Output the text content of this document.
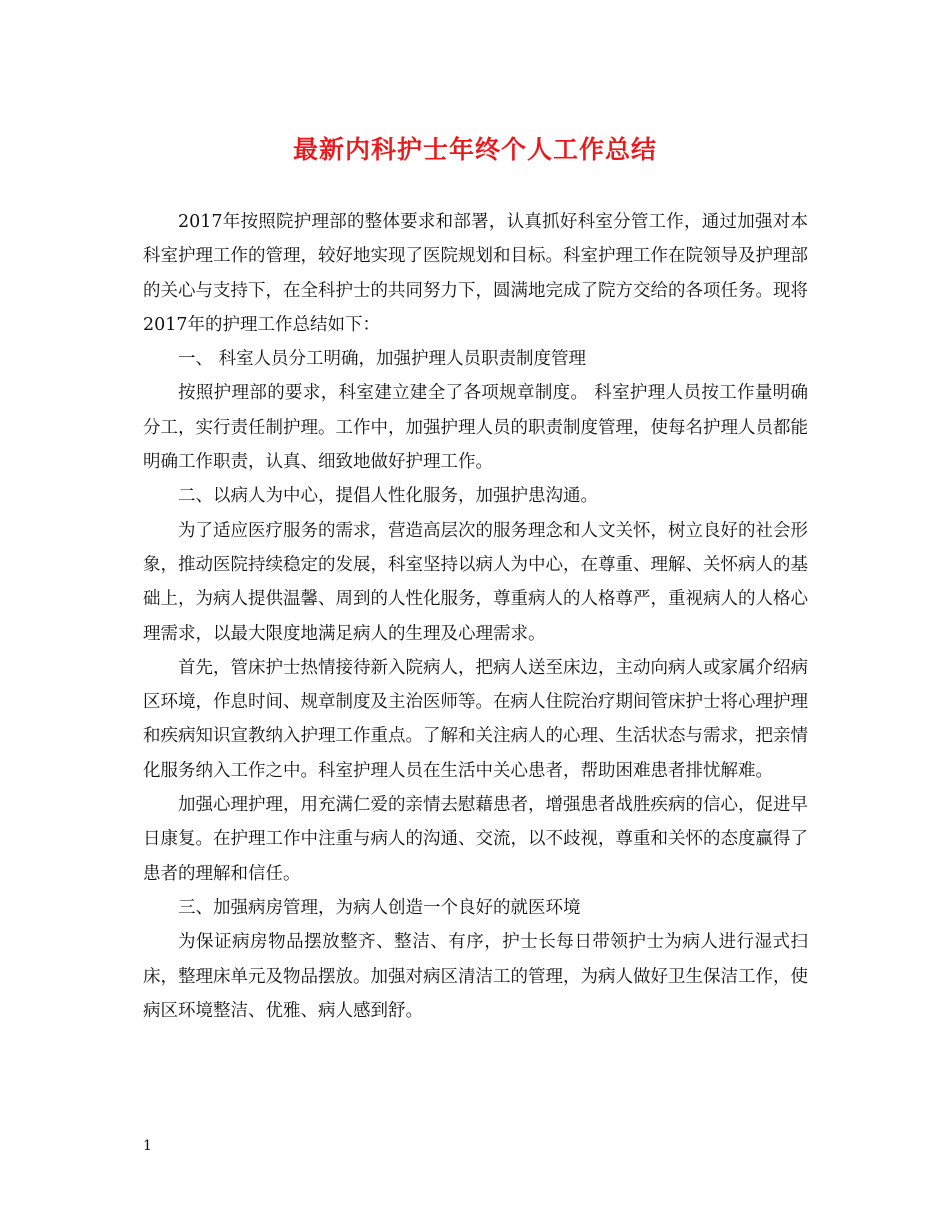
最新内科护士年终个人工作总结

2017年按照院护理部的整体要求和部署，认真抓好科室分管工作，通过加强对本科室护理工作的管理，较好地实现了医院规划和目标。科室护理工作在院领导及护理部的关心与支持下，在全科护士的共同努力下，圆满地完成了院方交给的各项任务。现将2017年的护理工作总结如下：

一、 科室人员分工明确，加强护理人员职责制度管理

按照护理部的要求，科室建立建全了各项规章制度。 科室护理人员按工作量明确分工，实行责任制护理。工作中，加强护理人员的职责制度管理，使每名护理人员都能明确工作职责，认真、细致地做好护理工作。

二、以病人为中心，提倡人性化服务，加强护患沟通。

为了适应医疗服务的需求，营造高层次的服务理念和人文关怀，树立良好的社会形象，推动医院持续稳定的发展，科室坚持以病人为中心，在尊重、理解、关怀病人的基础上，为病人提供温馨、周到的人性化服务，尊重病人的人格尊严，重视病人的人格心理需求，以最大限度地满足病人的生理及心理需求。

首先，管床护士热情接待新入院病人，把病人送至床边，主动向病人或家属介绍病区环境，作息时间、规章制度及主治医师等。在病人住院治疗期间管床护士将心理护理和疾病知识宣教纳入护理工作重点。了解和关注病人的心理、生活状态与需求，把亲情化服务纳入工作之中。科室护理人员在生活中关心患者，帮助困难患者排忧解难。

加强心理护理，用充满仁爱的亲情去慰藉患者，增强患者战胜疾病的信心，促进早日康复。在护理工作中注重与病人的沟通、交流，以不歧视，尊重和关怀的态度赢得了患者的理解和信任。

三、加强病房管理，为病人创造一个良好的就医环境

为保证病房物品摆放整齐、整洁、有序，护士长每日带领护士为病人进行湿式扫床，整理床单元及物品摆放。加强对病区清洁工的管理，为病人做好卫生保洁工作，使病区环境整洁、优雅、病人感到舒。

1
